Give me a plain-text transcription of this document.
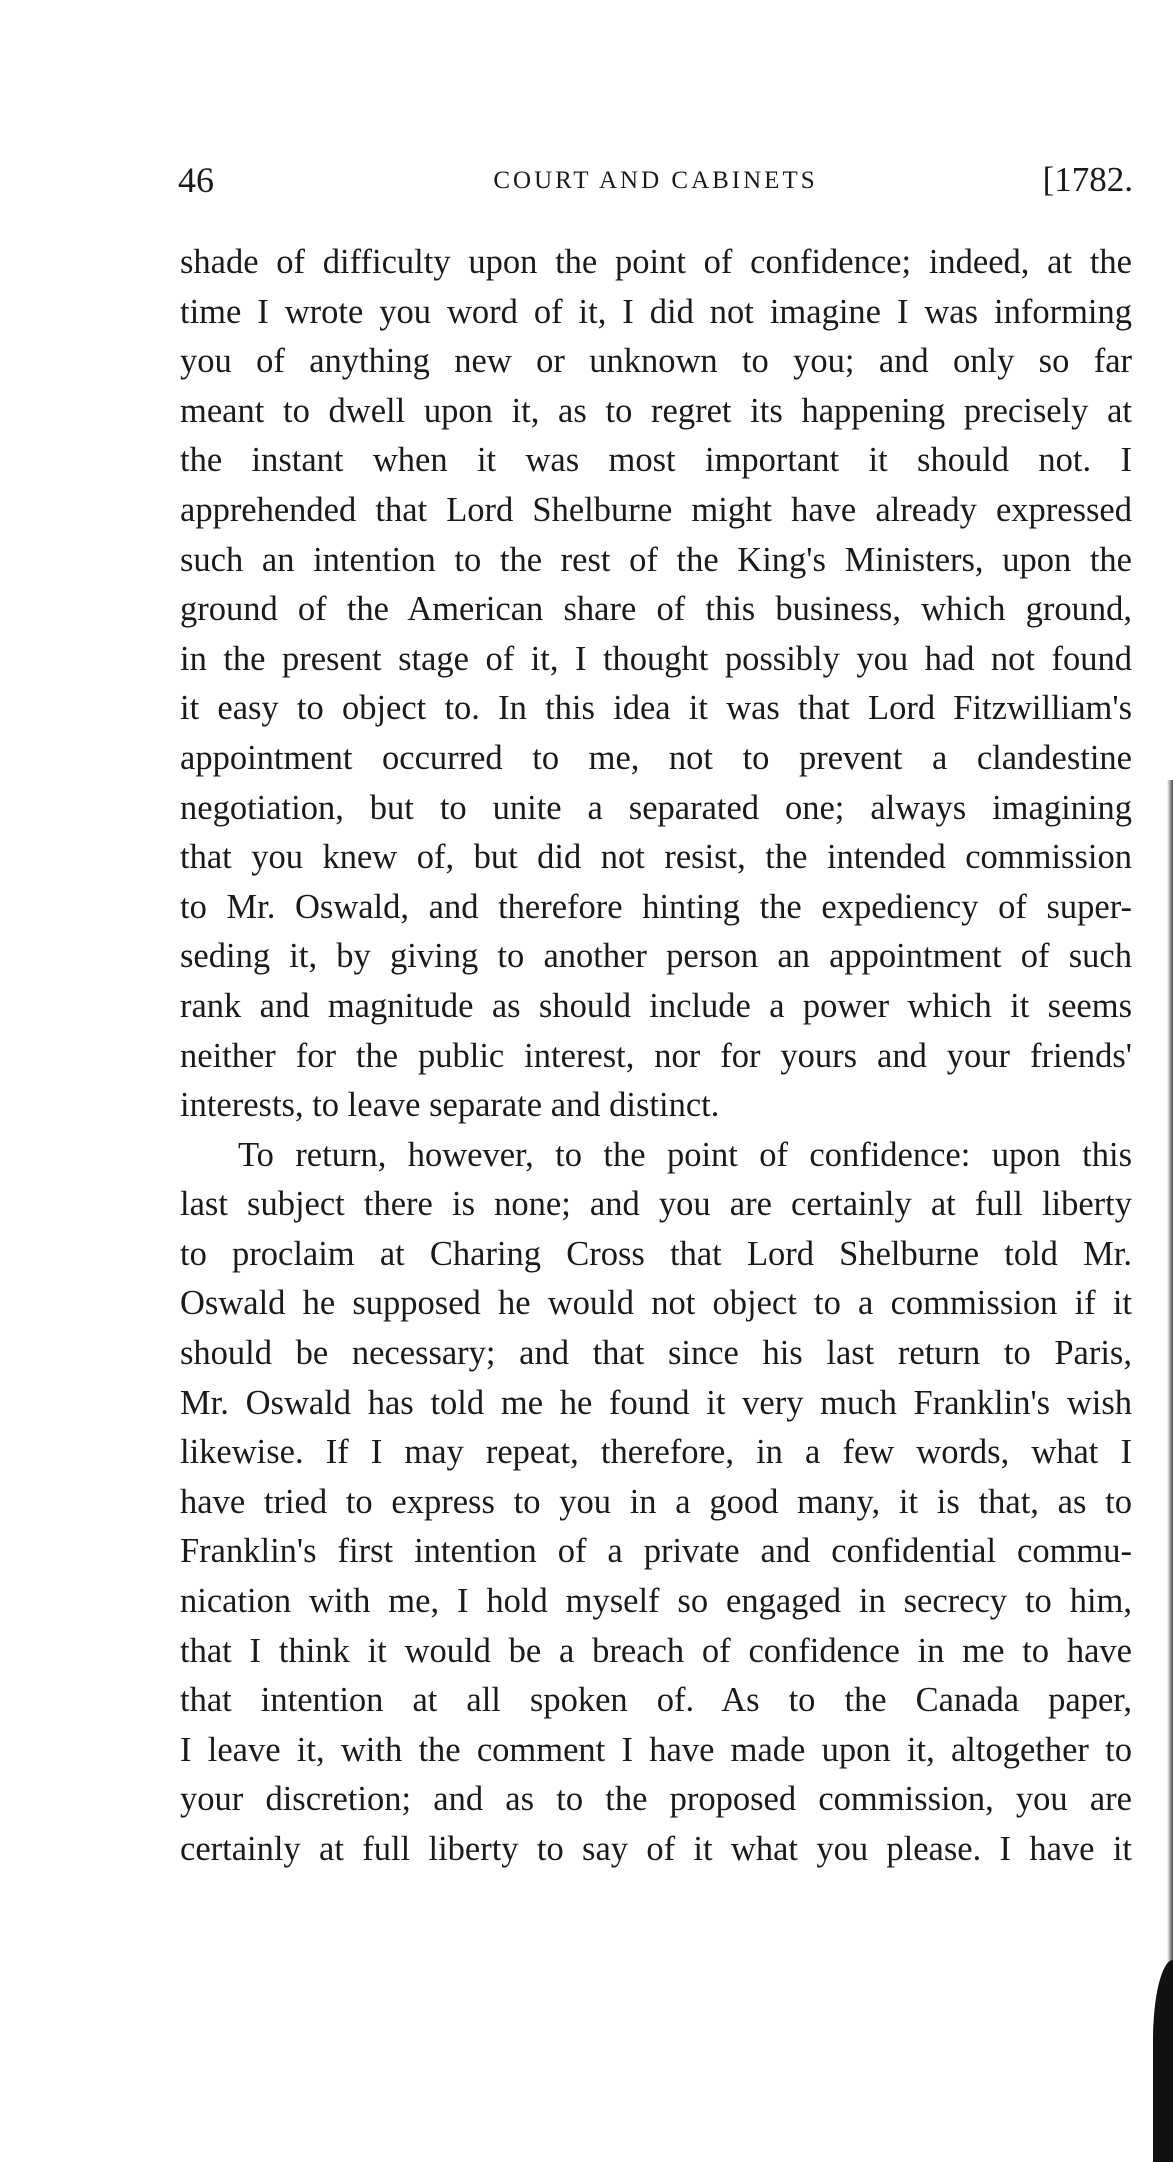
46	COURT AND CABINETS	[1782.
shade of difficulty upon the point of confidence; indeed, at the
time I wrote you word of it, I did not imagine I was informing
you of anything new or unknown to you; and only so far
meant to dwell upon it, as to regret its happening precisely at
the instant when it was most important it should not. I
apprehended that Lord Shelburne might have already expressed
such an intention to the rest of the King's Ministers, upon the
ground of the American share of this business, which ground,
in the present stage of it, I thought possibly you had not found
it easy to object to. In this idea it was that Lord Fitzwilliam's
appointment occurred to me, not to prevent a clandestine
negotiation, but to unite a separated one; always imagining
that you knew of, but did not resist, the intended commission
to Mr. Oswald, and therefore hinting the expediency of super-
seding it, by giving to another person an appointment of such
rank and magnitude as should include a power which it seems
neither for the public interest, nor for yours and your friends'
interests, to leave separate and distinct.
To return, however, to the point of confidence: upon this
last subject there is none; and you are certainly at full liberty
to proclaim at Charing Cross that Lord Shelburne told Mr.
Oswald he supposed he would not object to a commission if it
should be necessary; and that since his last return to Paris,
Mr. Oswald has told me he found it very much Franklin's wish
likewise. If I may repeat, therefore, in a few words, what I
have tried to express to you in a good many, it is that, as to
Franklin's first intention of a private and confidential commu-
nication with me, I hold myself so engaged in secrecy to him,
that I think it would be a breach of confidence in me to have
that intention at all spoken of. As to the Canada paper,
I leave it, with the comment I have made upon it, altogether to
your discretion; and as to the proposed commission, you are
certainly at full liberty to say of it what you please. I have it
